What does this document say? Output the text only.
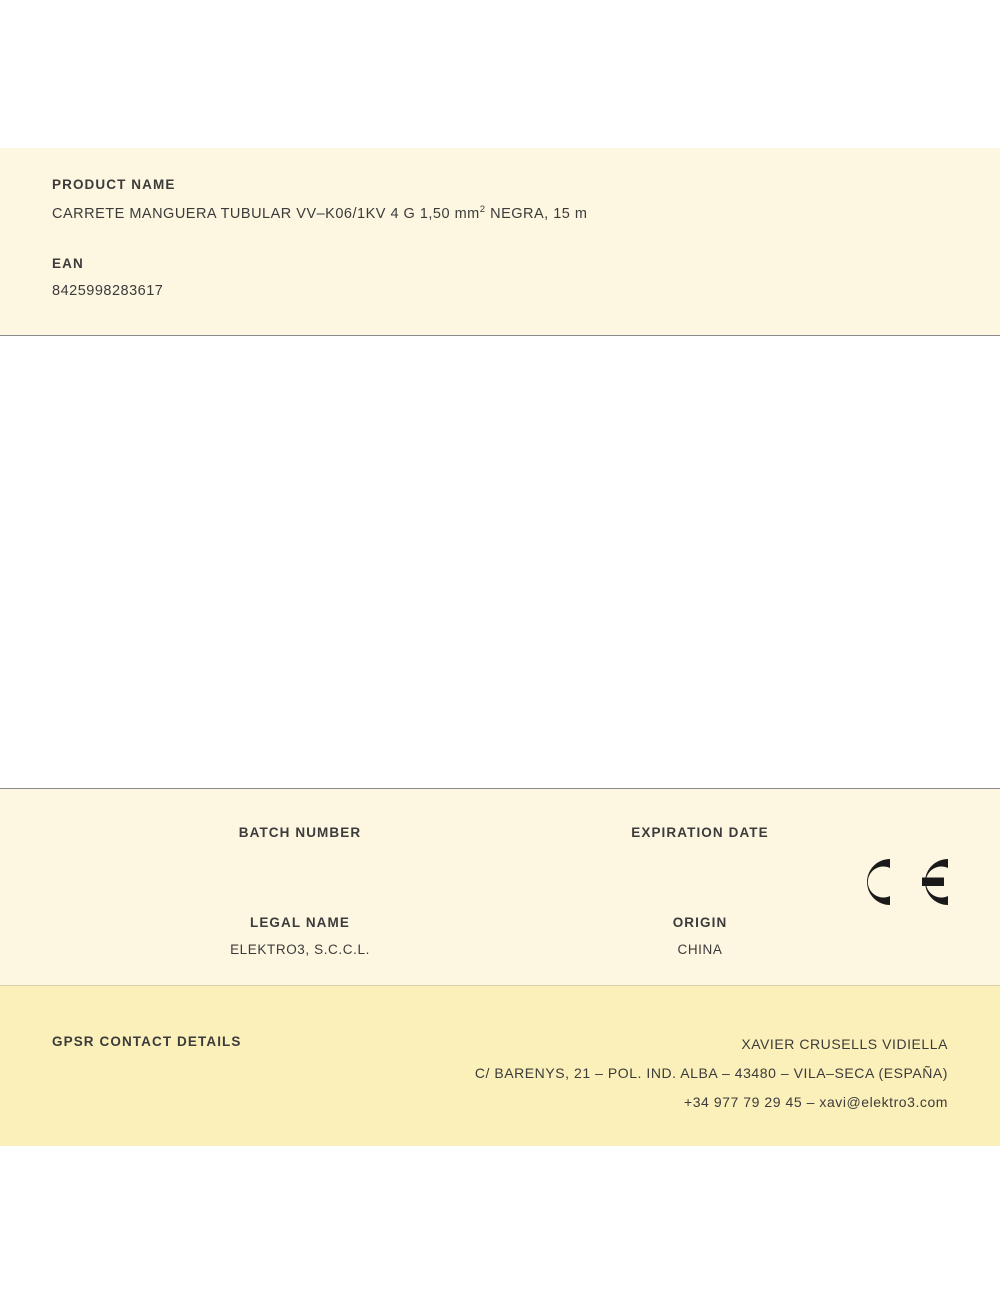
PRODUCT NAME
CARRETE MANGUERA TUBULAR VV–K06/1KV 4 G 1,50 $mm^2$ NEGRA, 15 m
EAN
8425998283617
BATCH NUMBER	EXPIRATION DATE
LEGAL NAME
ELEKTRO3, S.C.C.L.
ORIGIN
CHINA
GPSR CONTACT DETAILS	XAVIER CRUSELLS VIDIELLA
C/ BARENYS, 21 – POL. IND. ALBA – 43480 – VILA–SECA (ESPAÑA)
+34 977 79 29 45 – xavi@elektro3.com
